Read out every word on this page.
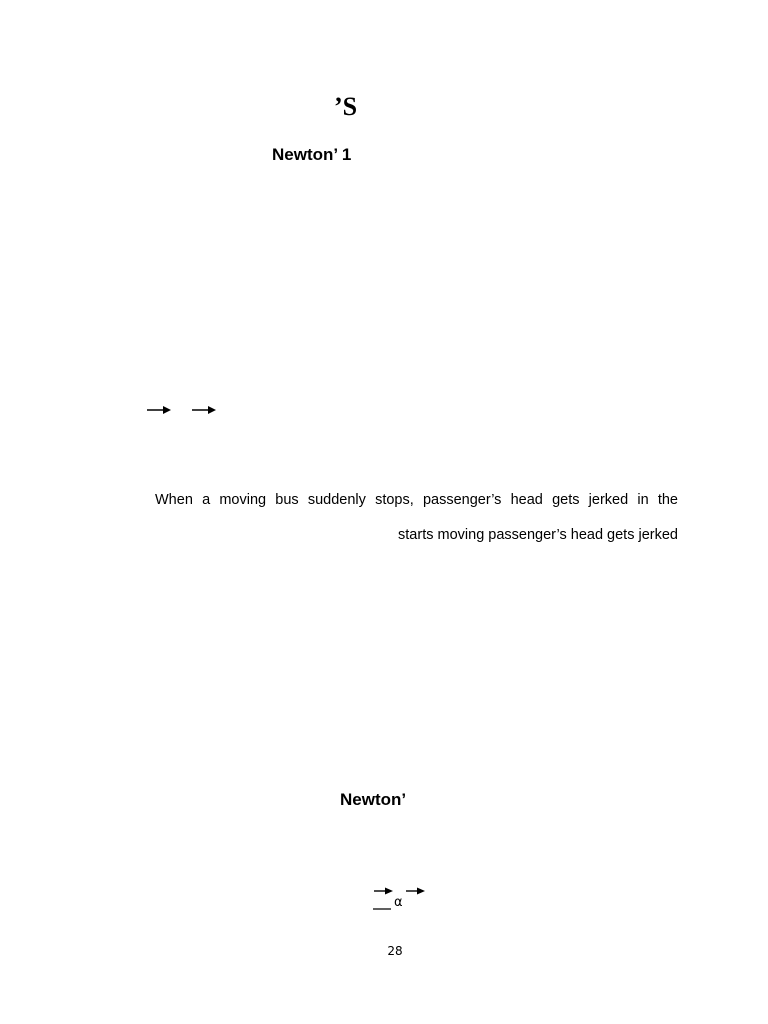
’S
Newton’ 1
When a moving bus suddenly stops, passenger’s head gets jerked in the
starts moving passenger’s head gets jerked
Newton’
α
28
